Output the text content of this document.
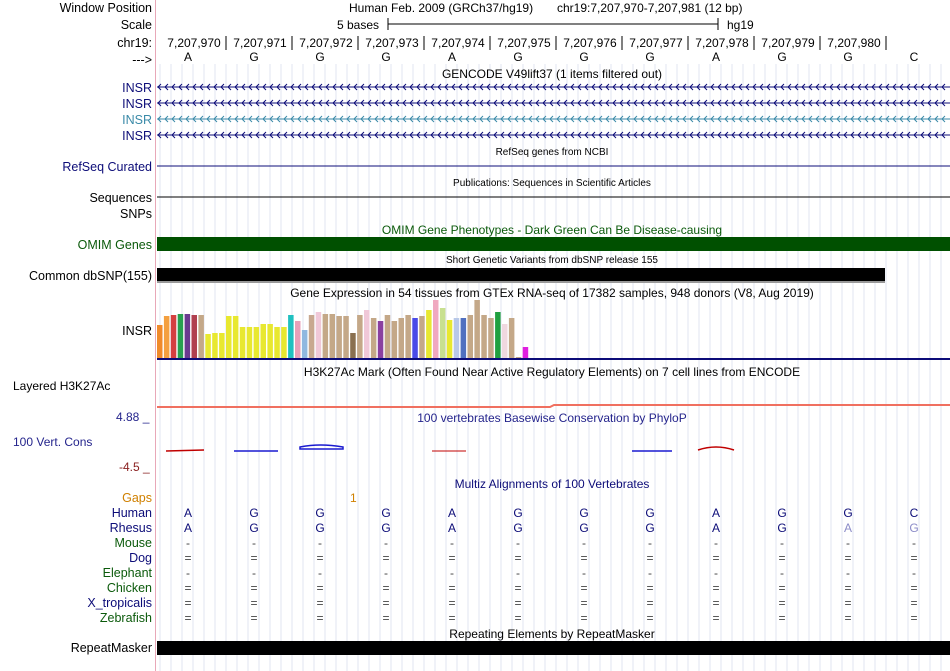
Window Position	Human Feb. 2009 (GRCh37/hg19) chr19:7,207,970-7,207,981 (12 bp)
Scale	5 bases	hg19
chr19:
--->
GENCODE V49lift37 (1 items filtered out)
INSR
INSR
INSR
INSR
RefSeq genes from NCBI
RefSeq Curated
Publications: Sequences in Scientific Articles
Sequences
SNPs
OMIM Gene Phenotypes - Dark Green Can Be Disease-causing
OMIM Genes
Short Genetic Variants from dbSNP release 155
Common dbSNP(155)
Gene Expression in 54 tissues from GTEx RNA-seq of 17382 samples, 948 donors (V8, Aug 2019)
INSR
H3K27Ac Mark (Often Found Near Active Regulatory Elements) on 7 cell lines from ENCODE
Layered H3K27Ac
100 vertebrates Basewise Conservation by PhyloP
4.88 _
100 Vert. Cons
-4.5 _
Multiz Alignments of 100 Vertebrates
Gaps	1
Repeating Elements by RepeatMasker
RepeatMasker
7,207,970 7,207,971 7,207,972 7,207,973 7,207,974 7,207,975 7,207,976 7,207,977 7,207,978 7,207,979 7,207,980
A	G	G	G	A	G	G	G	A	G	G	C
Human	A	G	G	G	A	G	G	G	A	G	G	C
Rhesus	A	G	G	G	A	G	G	G	A	G	A	G
Mouse	-	-	-	-	-	-	-	-	-	-	-	-
Dog	=	=	=	=	=	=	=	=	=	=	=	=
Elephant	-	-	-	-	-	-	-	-	-	-	-	-
Chicken	=	=	=	=	=	=	=	=	=	=	=	=
X_tropicalis	=	=	=	=	=	=	=	=	=	=	=	=
Zebrafish	=	=	=	=	=	=	=	=	=	=	=	=
